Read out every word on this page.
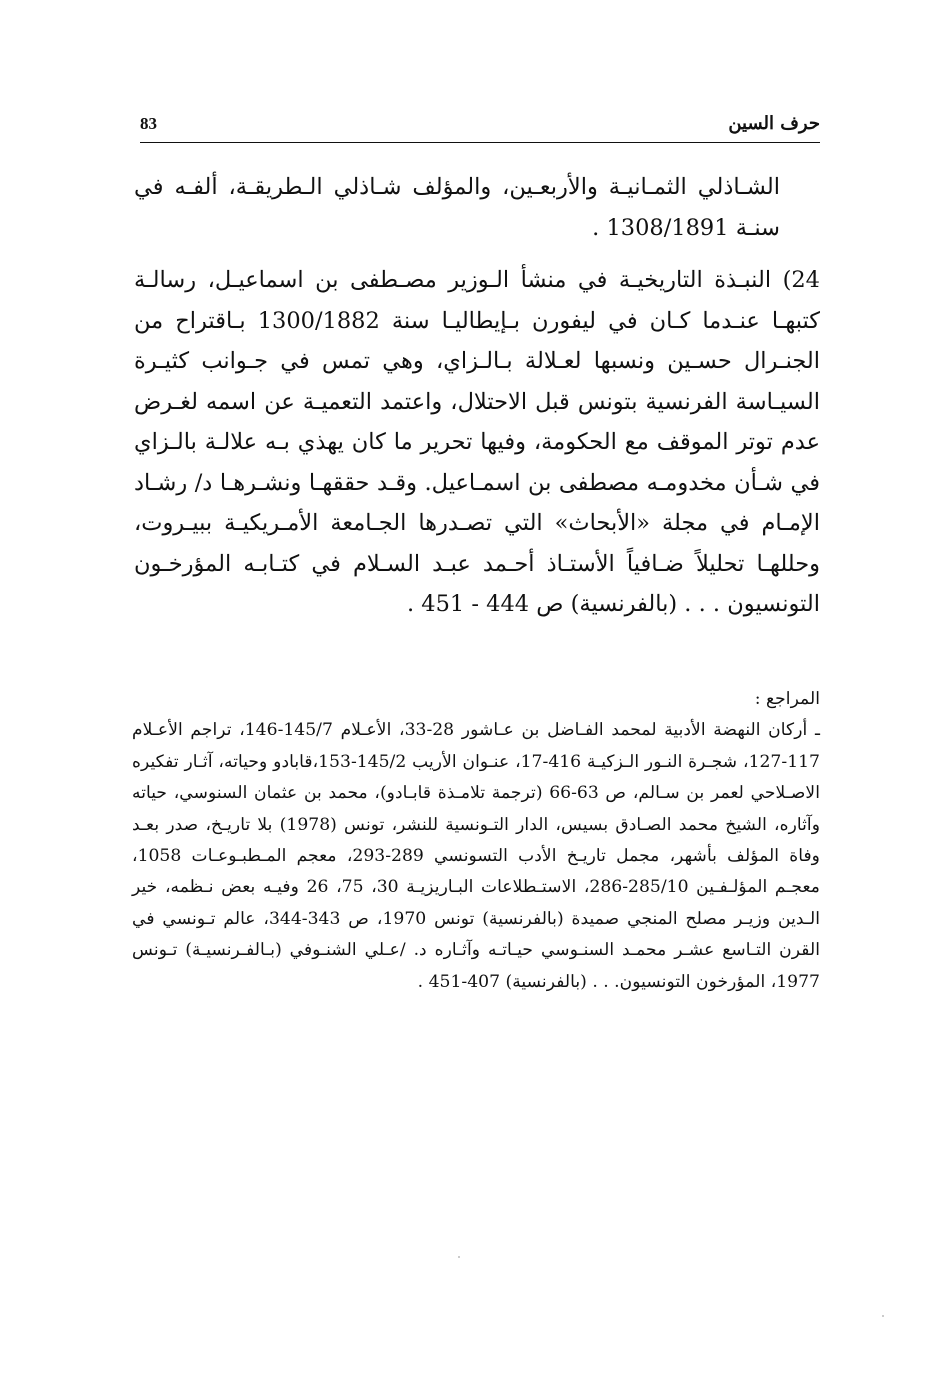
83	حرف السين
الشـاذلي الثمـانيـة والأربعـين، والمؤلف شـاذلي الـطريقـة، ألفـه في سنـة 1308/1891 .
24) النبـذة التاريخيـة في منشأ الـوزير مصـطفى بن اسماعيـل، رسالـة كتبهـا عنـدما كـان في ليفورن بـإيطاليـا سنة 1300/1882 بـاقتراح من الجنـرال حسـين ونسبها لعـلالة بـالـزاي، وهي تمس في جـوانب كثيـرة السيـاسة الفرنسية بتونس قبل الاحتلال، واعتمد التعميـة عن اسمه لغـرض عدم توتر الموقف مع الحكومة، وفيها تحرير ما كان يهذي بـه علالـة بالـزاي في شـأن مخدومـه مصطفى بن اسمـاعيل. وقـد حققهـا ونشـرهـا د/ رشـاد الإمـام في مجلة «الأبحاث» التي تصـدرها الجـامعة الأمـريكيـة ببيـروت، وحللهـا تحليلاً ضـافياً الأستـاذ أحـمد عبـد السـلام في كتـابـه المؤرخـون التونسيون . . . (بالفرنسية) ص 444 - 451 .
المراجع :
ـ أركان النهضة الأدبية لمحمد الفـاضل بن عـاشور 28-33، الأعـلام 145/7-146، تراجم الأعـلام 117-127، شجـرة النـور الـزكيـة 416-17، عنـوان الأريب 145/2-153،قابادو وحياته، آثـار تفكيره الاصـلاحي لعمر بن سـالم، ص 63-66 (ترجمة تلامـذة قابـادو)، محمد بن عثمان السنوسي، حياته وآثاره، الشيخ محمد الصـادق بسيس، الدار التـونسية للنشر، تونس (1978) بلا تاريـخ، صدر بعـد وفاة المؤلف بأشهر، مجمل تاريـخ الأدب التسونسي 289-293، معجم المـطبـوعـات 1058، معجـم المؤلـفـين 285/10-286، الاستـطلاعات البـاريزيـة 30، 75، 26 وفيـه بعض نـظمه، خير الـدين وزيـر مصلح المنجي صميدة (بالفرنسية) تونس 1970، ص 343-344، عالم تـونسي في القرن التـاسع عشـر محمـد السنـوسي حيـاتـه وآثـاره د. /عـلي الشنـوفي (بـالفـرنسيـة) تـونس 1977، المؤرخون التونسيون. . . (بالفرنسية) 407-451 .
